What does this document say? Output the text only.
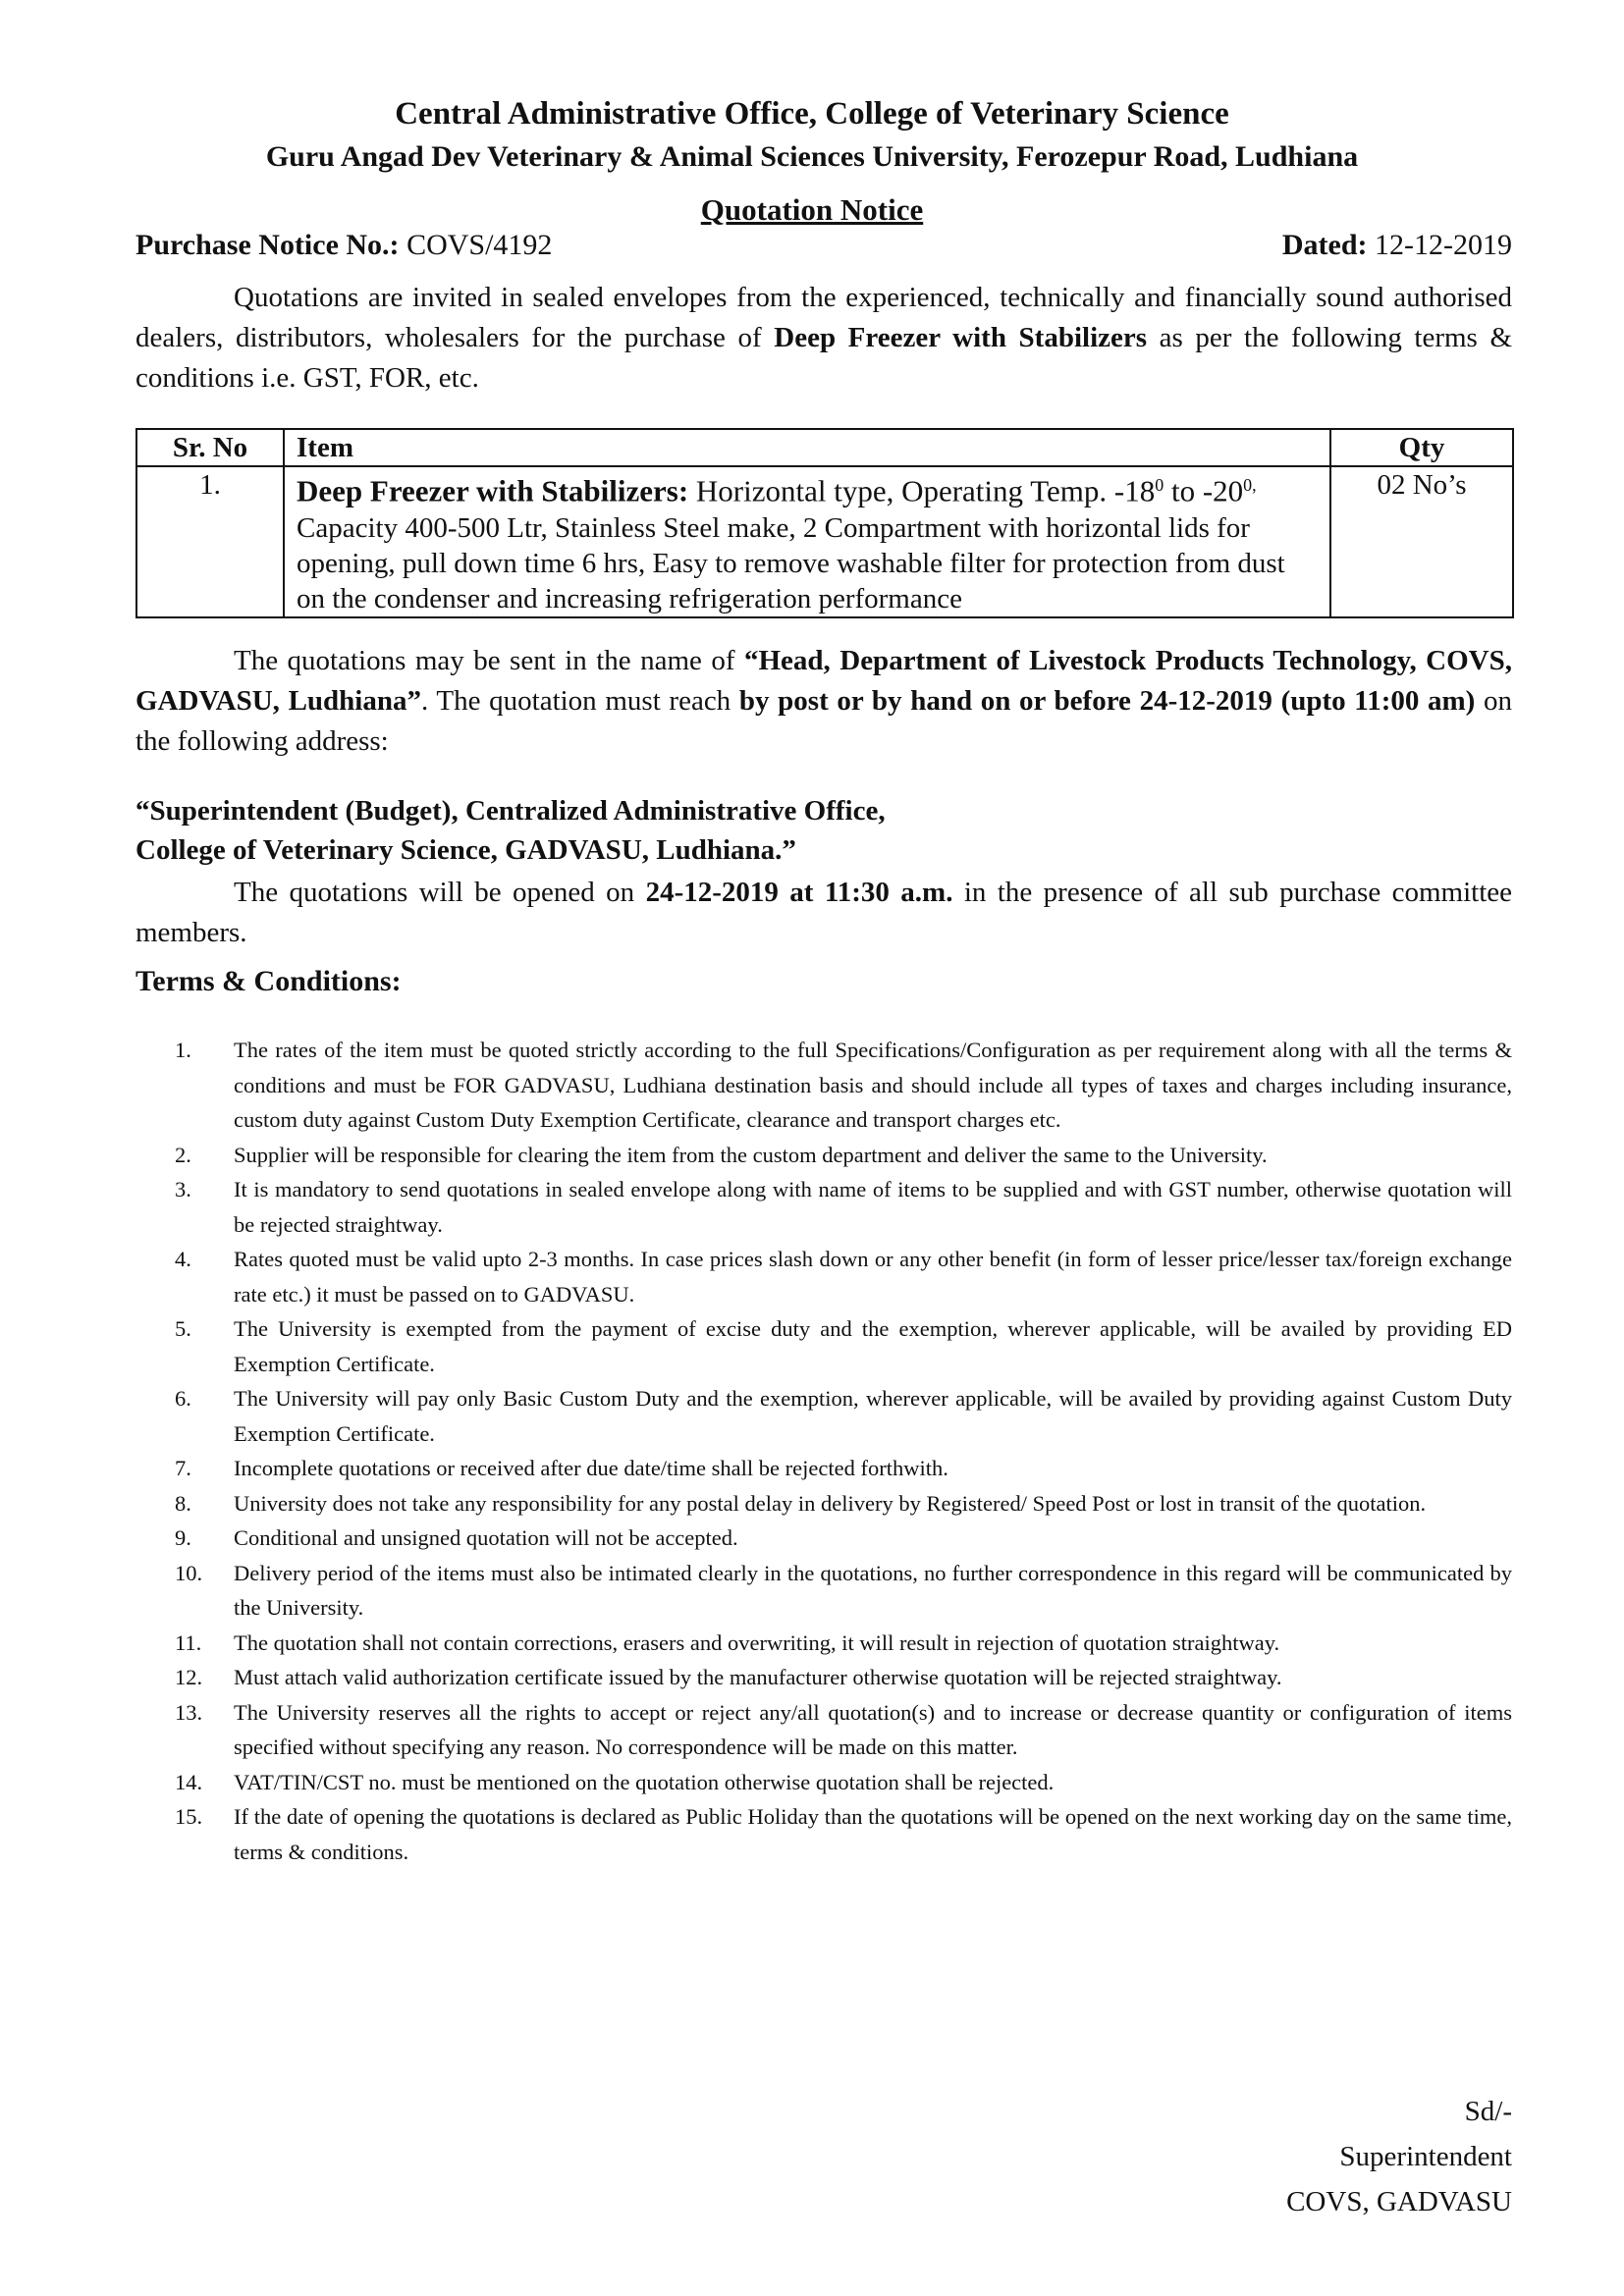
Central Administrative Office, College of Veterinary Science
Guru Angad Dev Veterinary & Animal Sciences University, Ferozepur Road, Ludhiana
Quotation Notice
Purchase Notice No.: COVS/4192	Dated: 12-12-2019

Quotations are invited in sealed envelopes from the experienced, technically and financially sound authorised dealers, distributors, wholesalers for the purchase of Deep Freezer with Stabilizers as per the following terms & conditions i.e. GST, FOR, etc.

Sr. No	Item	Qty
1.	Deep Freezer with Stabilizers: Horizontal type, Operating Temp. $-18^0$ to $-20^{0,}$ Capacity 400-500 Ltr, Stainless Steel make, 2 Compartment with horizontal lids for opening, pull down time 6 hrs, Easy to remove washable filter for protection from dust on the condenser and increasing refrigeration performance	02 No’s

The quotations may be sent in the name of “Head, Department of Livestock Products Technology, COVS, GADVASU, Ludhiana”. The quotation must reach by post or by hand on or before 24-12-2019 (upto 11:00 am) on the following address:

“Superintendent (Budget), Centralized Administrative Office,
College of Veterinary Science, GADVASU, Ludhiana.”

The quotations will be opened on 24-12-2019 at 11:30 a.m. in the presence of all sub purchase committee members.

Terms & Conditions:
1.	The rates of the item must be quoted strictly according to the full Specifications/Configuration as per requirement along with all the terms & conditions and must be FOR GADVASU, Ludhiana destination basis and should include all types of taxes and charges including insurance, custom duty against Custom Duty Exemption Certificate, clearance and transport charges etc.
2.	Supplier will be responsible for clearing the item from the custom department and deliver the same to the University.
3.	It is mandatory to send quotations in sealed envelope along with name of items to be supplied and with GST number, otherwise quotation will be rejected straightway.
4.	Rates quoted must be valid upto 2-3 months. In case prices slash down or any other benefit (in form of lesser price/lesser tax/foreign exchange rate etc.) it must be passed on to GADVASU.
5.	The University is exempted from the payment of excise duty and the exemption, wherever applicable, will be availed by providing ED Exemption Certificate.
6.	The University will pay only Basic Custom Duty and the exemption, wherever applicable, will be availed by providing against Custom Duty Exemption Certificate.
7.	Incomplete quotations or received after due date/time shall be rejected forthwith.
8.	University does not take any responsibility for any postal delay in delivery by Registered/ Speed Post or lost in transit of the quotation.
9.	Conditional and unsigned quotation will not be accepted.
10.	Delivery period of the items must also be intimated clearly in the quotations, no further correspondence in this regard will be communicated by the University.
11.	The quotation shall not contain corrections, erasers and overwriting, it will result in rejection of quotation straightway.
12.	Must attach valid authorization certificate issued by the manufacturer otherwise quotation will be rejected straightway.
13.	The University reserves all the rights to accept or reject any/all quotation(s) and to increase or decrease quantity or configuration of items specified without specifying any reason. No correspondence will be made on this matter.
14.	VAT/TIN/CST no. must be mentioned on the quotation otherwise quotation shall be rejected.
15.	If the date of opening the quotations is declared as Public Holiday than the quotations will be opened on the next working day on the same time, terms & conditions.
Sd/-
Superintendent
COVS, GADVASU
